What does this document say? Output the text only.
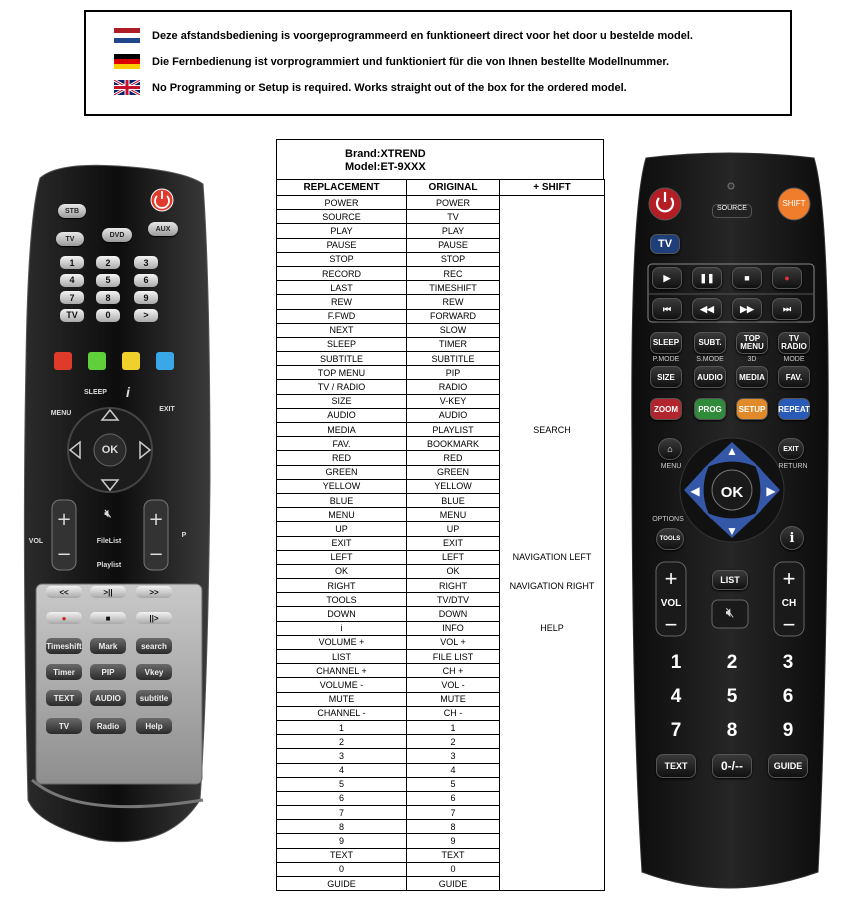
Deze afstandsbediening is voorgeprogrammeerd en funktioneert direct voor het door u bestelde model.
Die Fernbedienung ist vorprogrammiert und funktioniert für die von Ihnen bestellte Modellnummer.
No Programming or Setup is required. Works straight out of the box for the ordered model.
Brand:XTREND
Model:ET-9XXX
REPLACEMENT	ORIGINAL	+ SHIFT
POWER	POWER	
SOURCE	TV	
PLAY	PLAY	
PAUSE	PAUSE	
STOP	STOP	
RECORD	REC	
LAST	TIMESHIFT	
REW	REW	
F.FWD	FORWARD	
NEXT	SLOW	
SLEEP	TIMER	
SUBTITLE	SUBTITLE	
TOP MENU	PIP	
TV / RADIO	RADIO	
SIZE	V-KEY	
AUDIO	AUDIO	
MEDIA	PLAYLIST	SEARCH
FAV.	BOOKMARK	
RED	RED	
GREEN	GREEN	
YELLOW	YELLOW	
BLUE	BLUE	
MENU	MENU	
UP	UP	
EXIT	EXIT	
LEFT	LEFT	NAVIGATION LEFT
OK	OK	
RIGHT	RIGHT	NAVIGATION RIGHT
TOOLS	TV/DTV	
DOWN	DOWN	
i	INFO	HELP
VOLUME +	VOL +	
LIST	FILE LIST	
CHANNEL +	CH +	
VOLUME -	VOL -	
MUTE	MUTE	
CHANNEL -	CH -	
1	1	
2	2	
3	3	
4	4	
5	5	
6	6	
7	7	
8	8	
9	9	
TEXT	TEXT	
0	0	
GUIDE	GUIDE	
+
−
+
−
STB
TV
DVD
AUX
1	2	3
4	5	6
7	8	9
TV	0	>
SLEEP i
MENU
EXIT
OK
VOL
P
🔇︎
FileList
Playlist
<<	>||	>>
●	■	||>
Timeshift	Mark	search
Timer	PIP	Vkey
TEXT	AUDIO	subtitle
TV	Radio	Help
SOURCE
SHIFT
TV
▶	❚❚	■	●
⏮	◀◀	▶▶	⏭
SLEEP	SUBT.	TOP MENU
TV RADIO
P.MODE	S.MODE	3D	MODE
SIZE	AUDIO	MEDIA	FAV.
ZOOM	PROG	SETUP	REPEAT
⌂
MENU
EXIT
RETURN
OK
▲
▼
◀	▶
OPTIONS
TOOLS	i
LIST
+
VOL
−
+
CH
−
🔇︎
1	2	3
4	5	6
7	8	9
TEXT	0-/--	GUIDE
